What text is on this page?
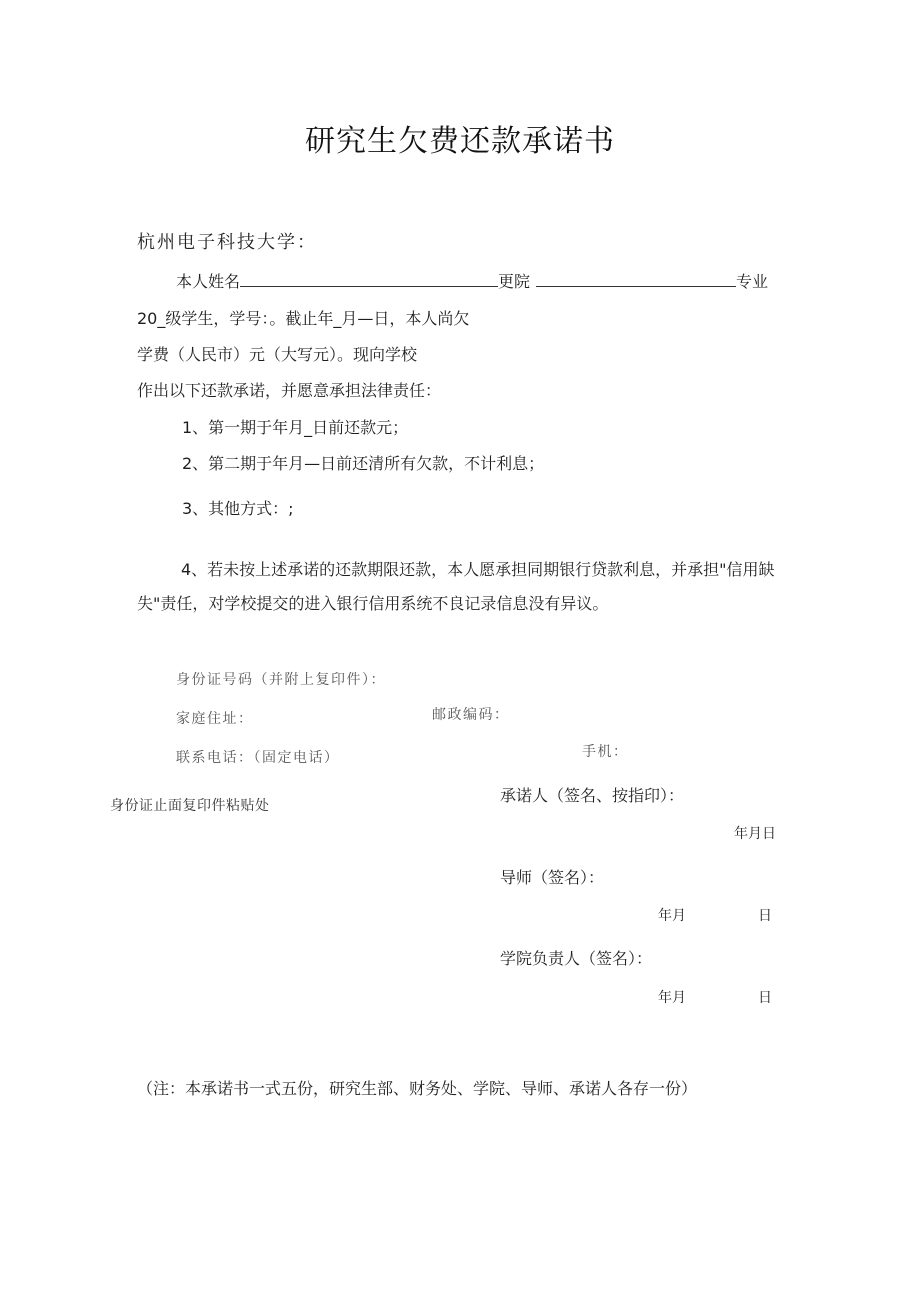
研究生欠费还款承诺书
杭州电子科技大学：
本人姓名	更院	专业
20_级学生，学号：。截止年_月—日，本人尚欠
学费（人民市）元（大写元）。现向学校
作出以下还款承诺，并愿意承担法律责任：
1、第一期于年月_日前还款元；
2、第二期于年月—日前还清所有欠款，不计利息；
3、其他方式：;
4、若未按上述承诺的还款期限还款，本人愿承担同期银行贷款利息，并承担"信用缺失"责任，对学校提交的进入银行信用系统不良记录信息没有异议。
身份证号码（并附上复印件）：
家庭住址：	邮政编码：
联系电话：（固定电话）	手机：
身份证止面复印件粘贴处
承诺人（签名、按指印）：
年月日
导师（签名）：
年月	日
学院负责人（签名）：
年月	日
（注：本承诺书一式五份，研究生部、财务处、学院、导师、承诺人各存一份）
